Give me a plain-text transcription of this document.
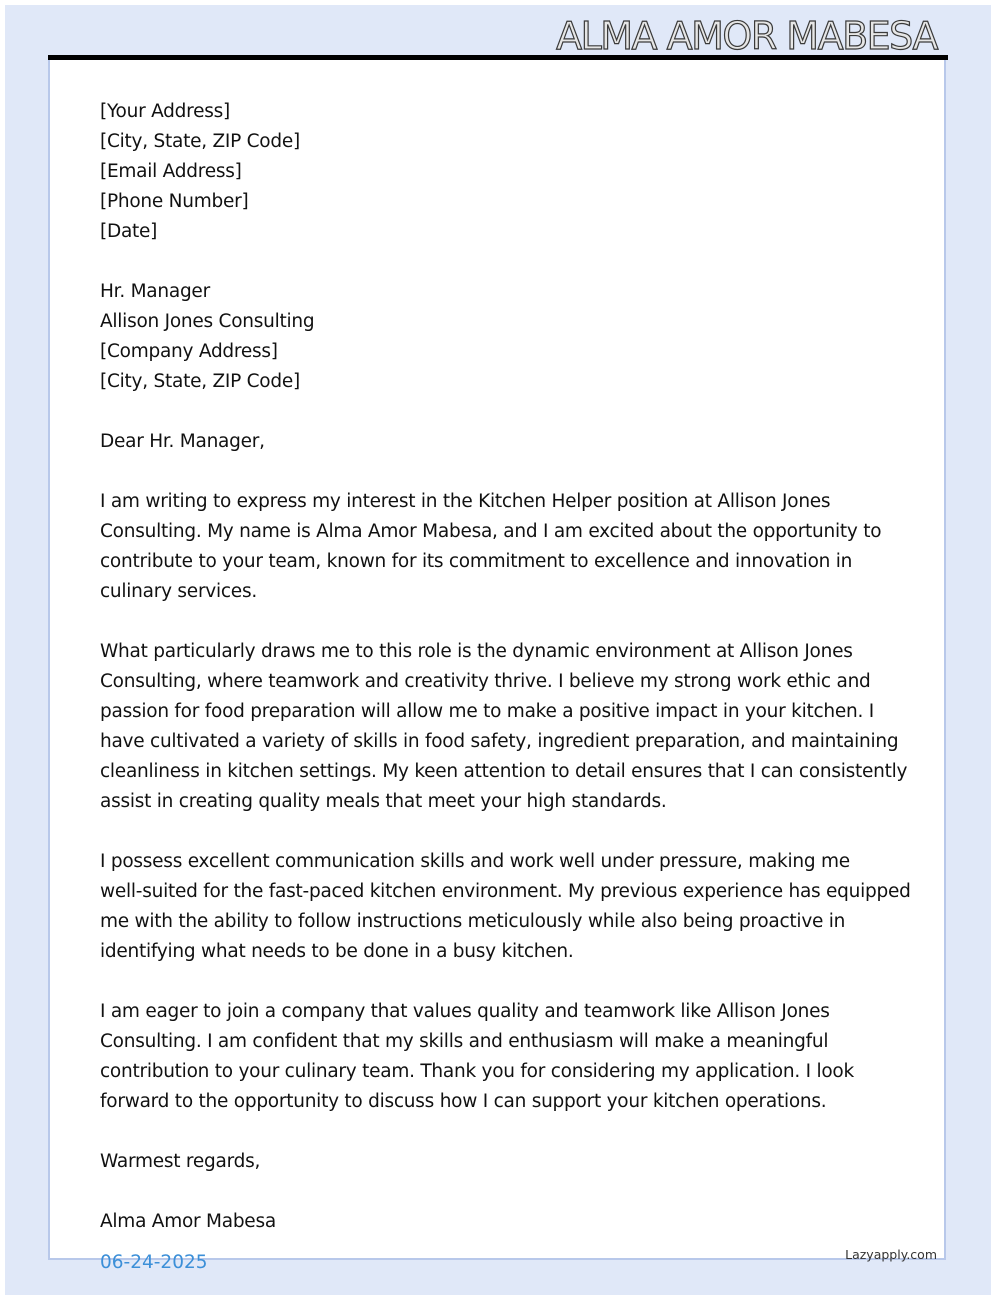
ALMA AMOR MABESA
[Your Address]
[City, State, ZIP Code]
[Email Address]
[Phone Number]
[Date]
Hr. Manager
Allison Jones Consulting
[Company Address]
[City, State, ZIP Code]
Dear Hr. Manager,
I am writing to express my interest in the Kitchen Helper position at Allison Jones
Consulting. My name is Alma Amor Mabesa, and I am excited about the opportunity to
contribute to your team, known for its commitment to excellence and innovation in
culinary services.
What particularly draws me to this role is the dynamic environment at Allison Jones
Consulting, where teamwork and creativity thrive. I believe my strong work ethic and
passion for food preparation will allow me to make a positive impact in your kitchen. I
have cultivated a variety of skills in food safety, ingredient preparation, and maintaining
cleanliness in kitchen settings. My keen attention to detail ensures that I can consistently
assist in creating quality meals that meet your high standards.
I possess excellent communication skills and work well under pressure, making me
well-suited for the fast-paced kitchen environment. My previous experience has equipped
me with the ability to follow instructions meticulously while also being proactive in
identifying what needs to be done in a busy kitchen.
I am eager to join a company that values quality and teamwork like Allison Jones
Consulting. I am confident that my skills and enthusiasm will make a meaningful
contribution to your culinary team. Thank you for considering my application. I look
forward to the opportunity to discuss how I can support your kitchen operations.
Warmest regards,
Alma Amor Mabesa
06-24-2025	Lazyapply.com
